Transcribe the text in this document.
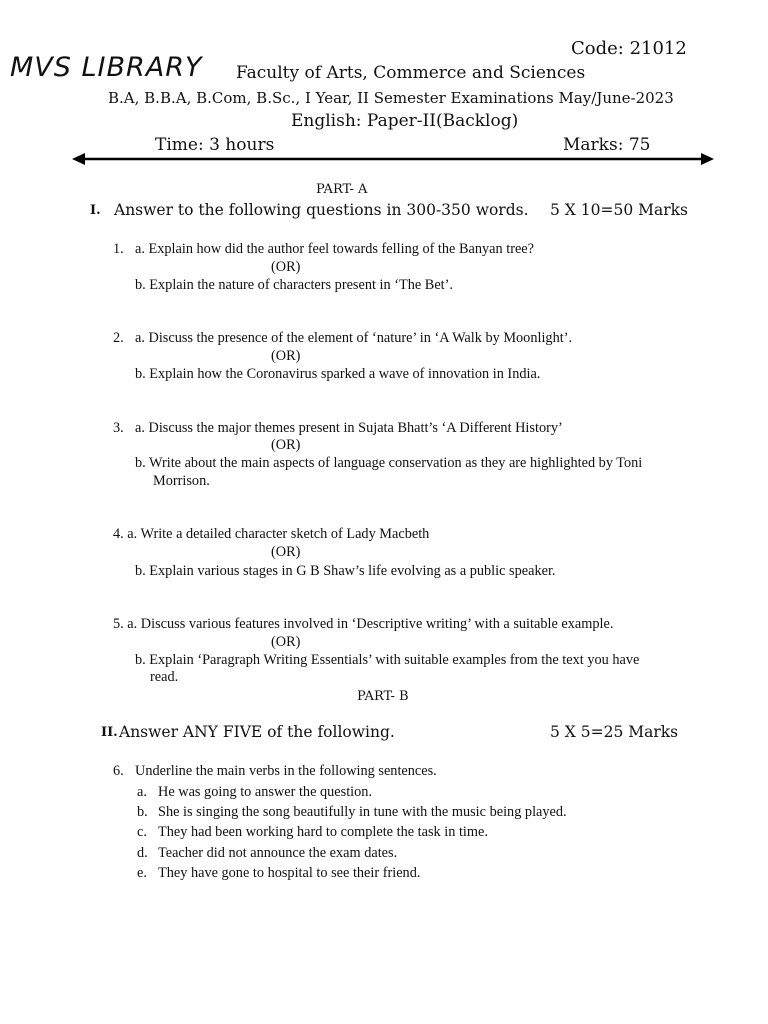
MVS LIBRARY
Code: 21012
Faculty of Arts, Commerce and Sciences
B.A, B.B.A, B.Com, B.Sc., I Year, II Semester Examinations May/June-2023
English: Paper-II(Backlog)
Time: 3 hours	Marks: 75
PART- A
I. Answer to the following questions in 300-350 words. 5 X 10=50 Marks
1. a. Explain how did the author feel towards felling of the Banyan tree?
(OR)
b. Explain the nature of characters present in ‘The Bet’.
2. a. Discuss the presence of the element of ‘nature’ in ‘A Walk by Moonlight’.
(OR)
b. Explain how the Coronavirus sparked a wave of innovation in India.
3. a. Discuss the major themes present in Sujata Bhatt’s ‘A Different History’
(OR)
b. Write about the main aspects of language conservation as they are highlighted by Toni
Morrison.
4. a. Write a detailed character sketch of Lady Macbeth
(OR)
b. Explain various stages in G B Shaw’s life evolving as a public speaker.
5. a. Discuss various features involved in ‘Descriptive writing’ with a suitable example.
(OR)
b. Explain ‘Paragraph Writing Essentials’ with suitable examples from the text you have
read.
PART- B
II. Answer ANY FIVE of the following.	5 X 5=25 Marks
6. Underline the main verbs in the following sentences.
a. He was going to answer the question.
b. She is singing the song beautifully in tune with the music being played.
c. They had been working hard to complete the task in time.
d. Teacher did not announce the exam dates.
e. They have gone to hospital to see their friend.
